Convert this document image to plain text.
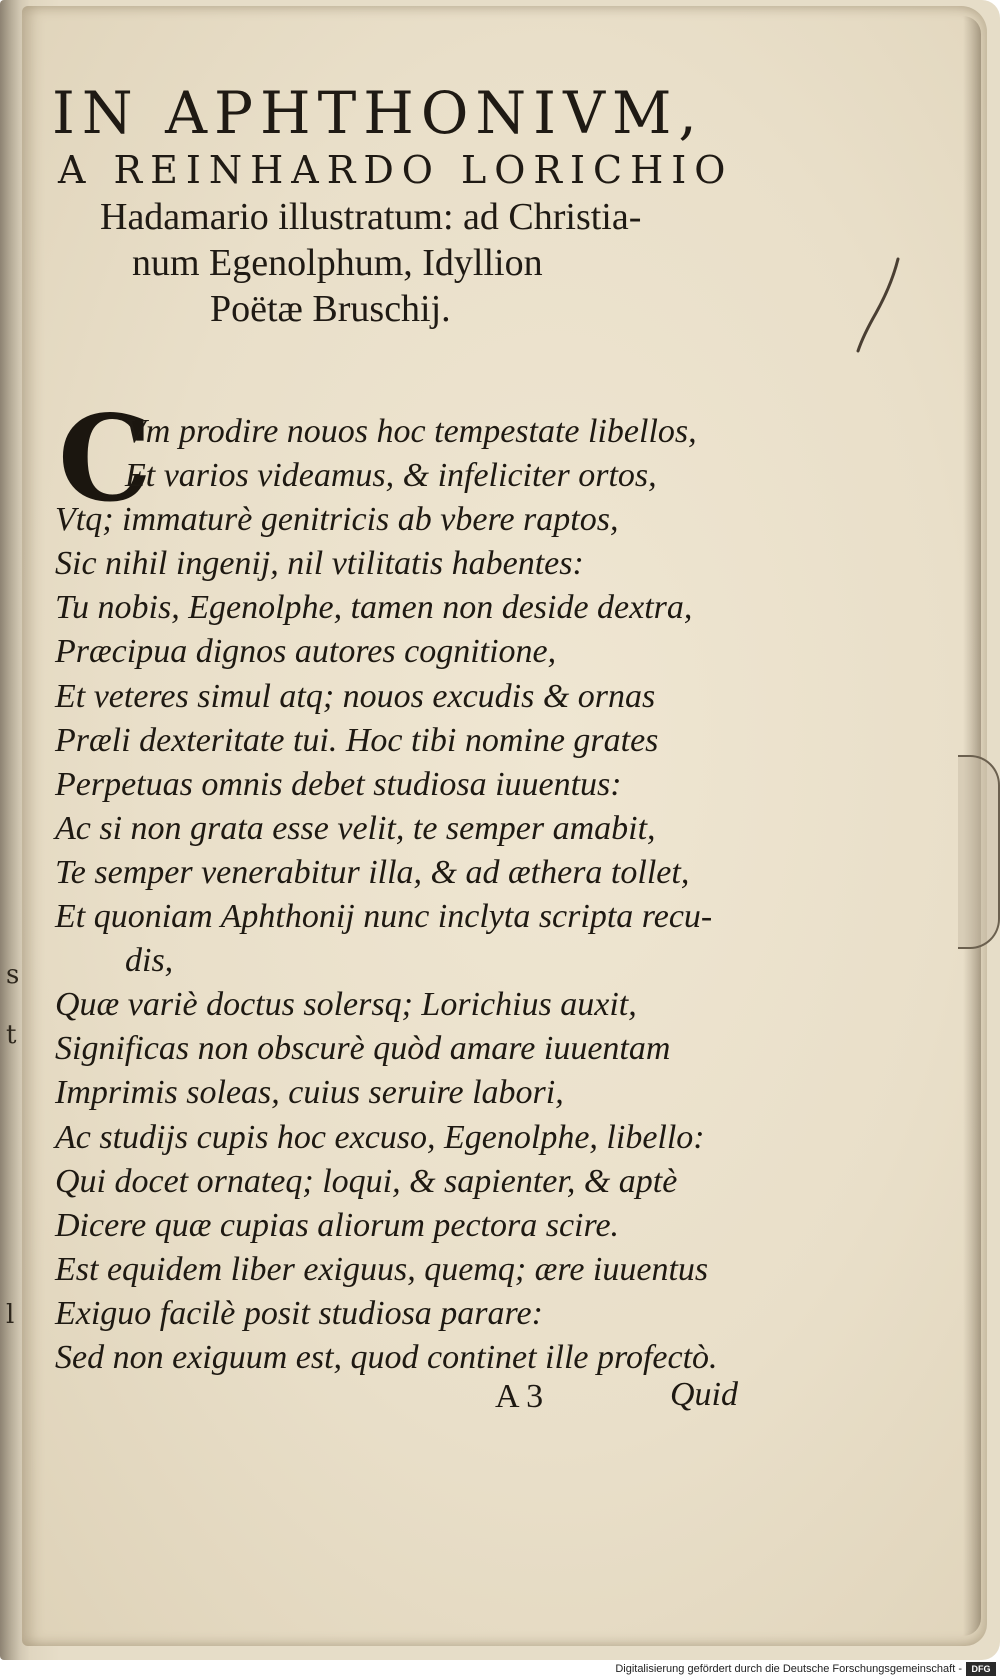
s
t
l
IN APHTHONIVM,
A REINHARDO LORICHIO
Hadamario illustratum: ad Christia-
num Egenolphum, Idyllion
Poëtæ Bruschij.
C
Vm prodire nouos hoc tempestate libellos,
Et varios videamus, & infeliciter ortos,
Vtq; immaturè genitricis ab vbere raptos,
Sic nihil ingenij, nil vtilitatis habentes:
Tu nobis, Egenolphe, tamen non deside dextra,
Præcipua dignos autores cognitione,
Et veteres simul atq; nouos excudis & ornas
Præli dexteritate tui. Hoc tibi nomine grates
Perpetuas omnis debet studiosa iuuentus:
Ac si non grata esse velit, te semper amabit,
Te semper venerabitur illa, & ad æthera tollet,
Et quoniam Aphthonij nunc inclyta scripta recu-
dis,
Quæ variè doctus solersq; Lorichius auxit,
Significas non obscurè quòd amare iuuentam
Imprimis soleas, cuius seruire labori,
Ac studijs cupis hoc excuso, Egenolphe, libello:
Qui docet ornateq; loqui, & sapienter, & aptè
Dicere quæ cupias aliorum pectora scire.
Est equidem liber exiguus, quemq; ære iuuentus
Exiguo facilè posit studiosa parare:
Sed non exiguum est, quod continet ille profectò.
A 3	Quid
Digitalisierung gefördert durch die Deutsche Forschungsgemeinschaft -	DFG
